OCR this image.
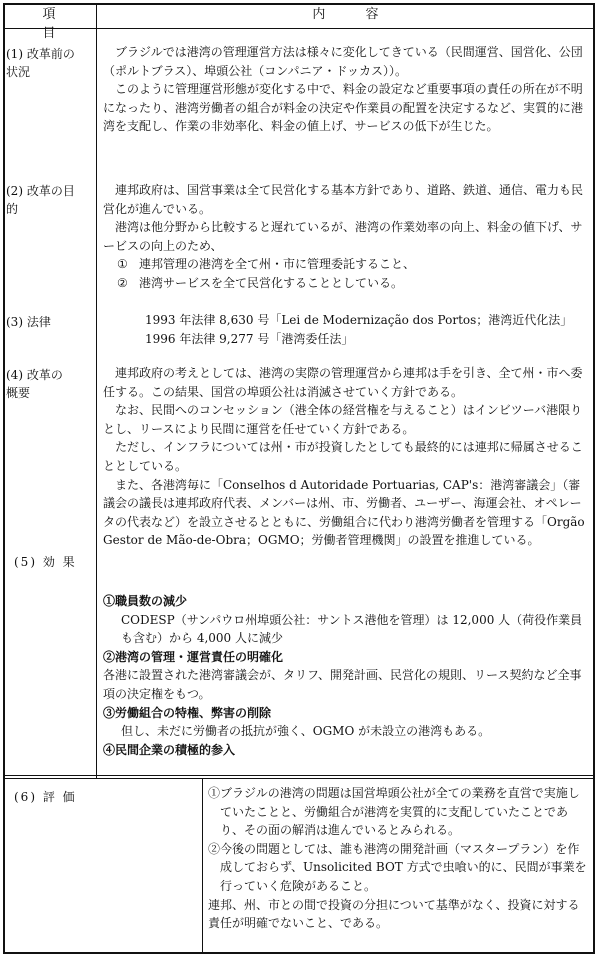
項 目
内 容
(1) 改革前の
状況

ブラジルでは港湾の管理運営方法は様々に変化してきている（民間運営、国営化、公団（ポルトブラス）、埠頭公社（コンパニア・ドッカス））。

このように管理運営形態が変化する中で、料金の設定など重要事項の責任の所在が不明になったり、港湾労働者の組合が料金の決定や作業員の配置を決定するなど、実質的に港湾を支配し、作業の非効率化、料金の値上げ、サービスの低下が生じた。

(2) 改革の目
的

連邦政府は、国営事業は全て民営化する基本方針であり、道路、鉄道、通信、電力も民営化が進んでいる。

港湾は他分野から比較すると遅れているが、港湾の作業効率の向上、料金の値下げ、サービスの向上のため、

① 連邦管理の港湾を全て州・市に管理委託すること、
② 港湾サービスを全て民営化することとしている。
(3) 法律	1993 年法律 8,630 号「Lei de Modernização dos Portos；港湾近代化法」

1996 年法律 9,277 号「港湾委任法」

(4) 改革の
概要

連邦政府の考えとしては、港湾の実際の管理運営から連邦は手を引き、全て州・市へ委任する。この結果、国営の埠頭公社は消滅させていく方針である。

なお、民間へのコンセッション（港全体の経営権を与えること）はインビツーバ港限りとし、リースにより民間に運営を任せていく方針である。

ただし、インフラについては州・市が投資したとしても最終的には連邦に帰属させることとしている。

また、各港湾毎に「Conselhos d Autoridade Portuarias, CAP's：港湾審議会」（審議会の議長は連邦政府代表、メンバーは州、市、労働者、ユーザー、海運会社、オペレータの代表など）を設立させるとともに、労働組合に代わり港湾労働者を管理する「Orgão Gestor de Mão-de-Obra；OGMO；労働者管理機関」の設置を推進している。

(5) 効 果

①職員数の減少

CODESP（サンパウロ州埠頭公社：サントス港他を管理）は 12,000 人（荷役作業員も含む）から 4,000 人に減少

②港湾の管理・運営責任の明確化

各港に設置された港湾審議会が、タリフ、開発計画、民営化の規則、リース契約など全事項の決定権をもつ。

③労働組合の特権、弊害の削除

但し、未だに労働者の抵抗が強く、OGMO が未設立の港湾もある。

④民間企業の積極的参入

(6) 評 価	①ブラジルの港湾の問題は国営埠頭公社が全ての業務を直営で実施していたことと、労働組合が港湾を実質的に支配していたことであり、その面の解消は進んでいるとみられる。

②今後の問題としては、誰も港湾の開発計画（マスタープラン）を作成しておらず、Unsolicited BOT 方式で虫喰い的に、民間が事業を行っていく危険があること。

連邦、州、市との間で投資の分担について基準がなく、投資に対する責任が明確でないこと、である。
